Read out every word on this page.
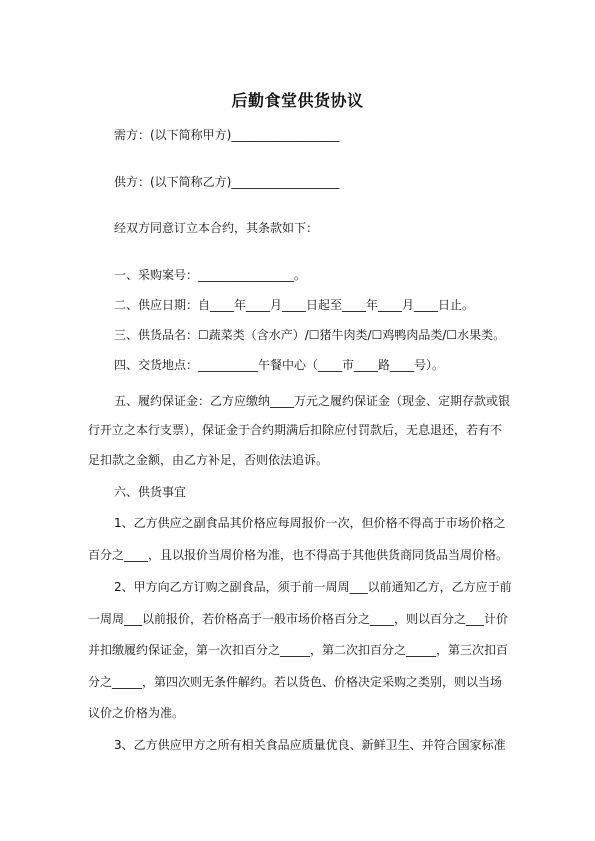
后勤食堂供货协议
需方：(以下简称甲方)__________________
供方：(以下简称乙方)__________________
经双方同意订立本合约，其条款如下：
一、采购案号：________________。
二、供应日期：自____年____月____日起至____年____月____日止。
三、供货品名：☐蔬菜类（含水产）/☐猪牛肉类/☐鸡鸭肉品类/☐水果类。
四、交货地点：__________午餐中心（____市____路____号）。
五、履约保证金：乙方应缴纳____万元之履约保证金（现金、定期存款或银
行开立之本行支票），保证金于合约期满后扣除应付罚款后，无息退还，若有不
足扣款之金额，由乙方补足，否则依法追诉。
六、供货事宜
1、乙方供应之副食品其价格应每周报价一次，但价格不得高于市场价格之
百分之____，且以报价当周价格为准，也不得高于其他供货商同货品当周价格。
2、甲方向乙方订购之副食品，须于前一周周___以前通知乙方，乙方应于前
一周周___以前报价，若价格高于一般市场价格百分之____，则以百分之___计价
并扣缴履约保证金，第一次扣百分之_____，第二次扣百分之_____，第三次扣百
分之_____，第四次则无条件解约。若以货色、价格决定采购之类别，则以当场
议价之价格为准。
3、乙方供应甲方之所有相关食品应质量优良、新鲜卫生、并符合国家标准
